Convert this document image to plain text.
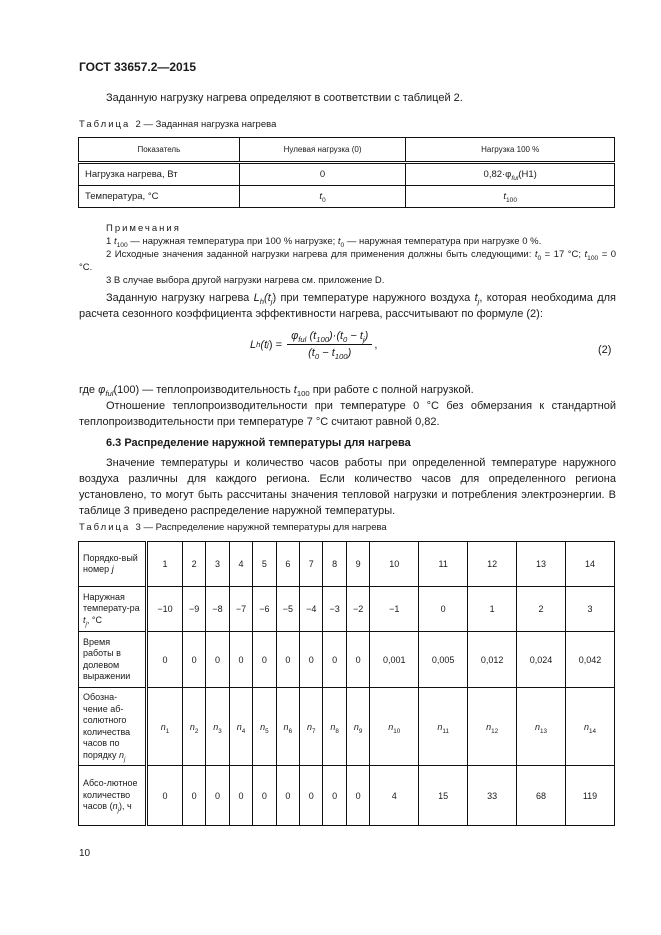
ГОСТ 33657.2—2015
Заданную нагрузку нагрева определяют в соответствии с таблицей 2.
Таблица 2 — Заданная нагрузка нагрева
Показатель	Нулевая нагрузка (0)	Нагрузка 100 %
Нагрузка нагрева, Вт	0	$0,82\cdot\varphi_{ful}(H1)$
Температура, °С	$t_0$	$t_{100}$
Примечания
1 $t_{100}$ — наружная температура при 100 % нагрузке; $t_0$ — наружная температура при нагрузке 0 %.
2 Исходные значения заданной нагрузки нагрева для применения должны быть следующими: $t_0 = 17$ °С; $t_{100} = 0$ °С.
3 В случае выбора другой нагрузки нагрева см. приложение D.
Заданную нагрузку нагрева $L_h(t_j)$ при температуре наружного воздуха $t_j$, которая необходима для расчета сезонного коэффициента эффективности нагрева, рассчитывают по формуле (2):
L h (t j ) = $\frac{\varphi_{ful} (t_{100})\cdot(t_0 - t_j)}{(t_0 - t_{100})}$ ,	(2)
где $\varphi_{ful}(100)$ — теплопроизводительность $t_{100}$ при работе с полной нагрузкой.
Отношение теплопроизводительности при температуре 0 °С без обмерзания к стандартной теплопроизводительности при температуре 7 °С считают равной 0,82.
6.3 Распределение наружной температуры для нагрева
Значение температуры и количество часов работы при определенной температуре наружного воздуха различны для каждого региона. Если количество часов для определенного региона установлено, то могут быть рассчитаны значения тепловой нагрузки и потребления электроэнергии. В таблице 3 приведено распределение наружной температуры.
Таблица 3 — Распределение наружной температуры для нагрева
Порядко-вый номер j	1	2	3	4	5	6	7	8	9	10	11	12	13	14
Наружная температу-ра $t_j$, °С	−10	−9	−8	−7	−6	−5	−4	−3	−2	−1	0	1	2	3
Время работы в долевом выражении	0	0	0	0	0	0	0	0	0	0,001	0,005	0,012	0,024	0,042
Обозна-чение аб-солютного количества часов по порядку $n_j$	$n_1$	$n_2$	$n_3$	$n_4$	$n_5$	$n_6$	$n_7$	$n_8$	$n_9$	$n_{10}$	$n_{11}$	$n_{12}$	$n_{13}$	$n_{14}$
Абсо-лютное количество часов $(n_j)$, ч	0	0	0	0	0	0	0	0	0	4	15	33	68	119
10
